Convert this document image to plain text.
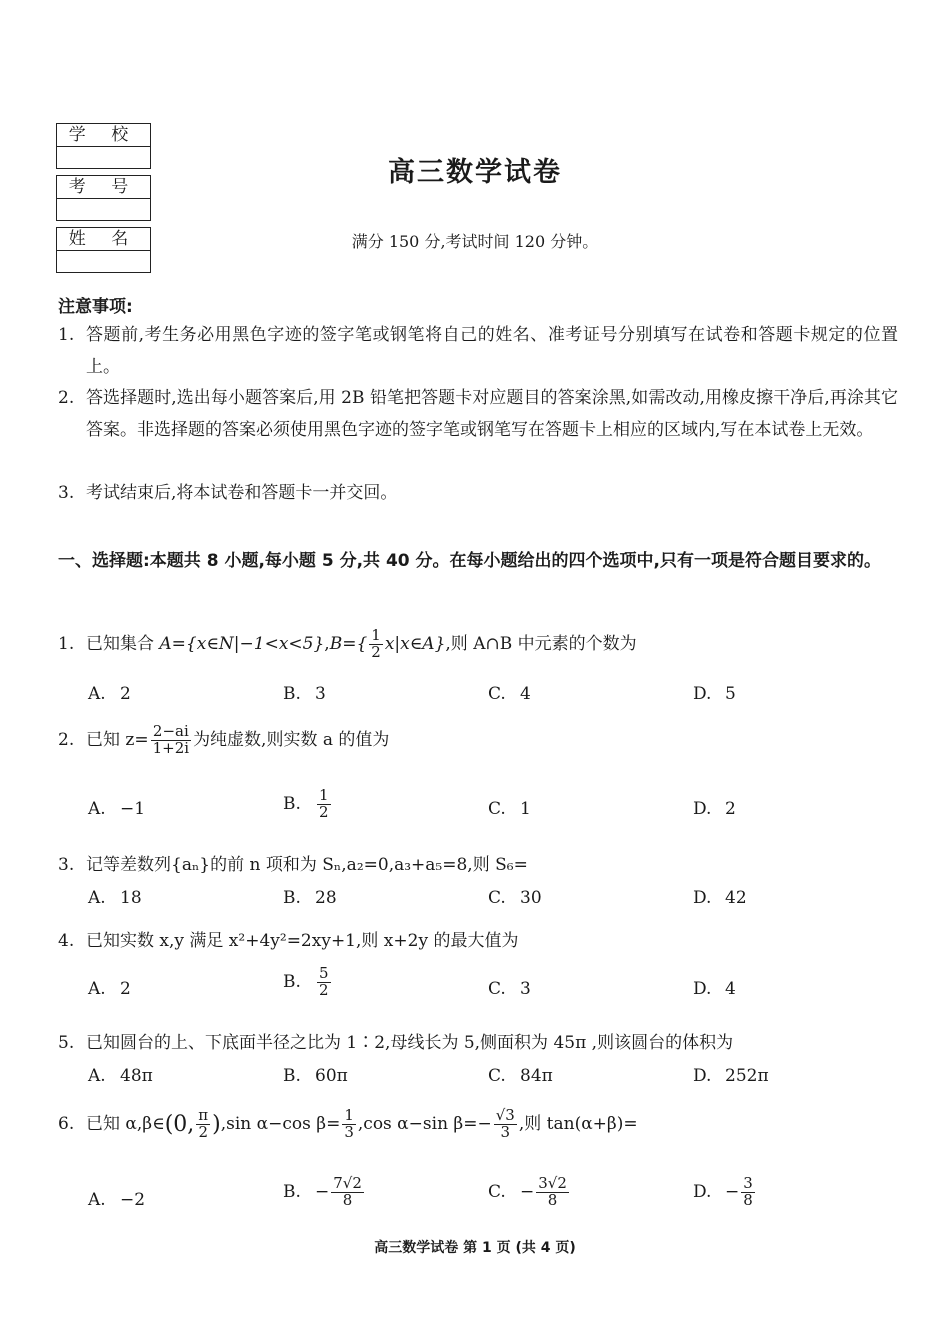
学 校
考 号
姓 名
高三数学试卷
满分 150 分,考试时间 120 分钟。
注意事项:
1. 答题前,考生务必用黑色字迹的签字笔或钢笔将自己的姓名、准考证号分别填写在试卷和答题卡规定的位置上。
2. 答选择题时,选出每小题答案后,用 2B 铅笔把答题卡对应题目的答案涂黑,如需改动,用橡皮擦干净后,再涂其它答案。非选择题的答案必须使用黑色字迹的签字笔或钢笔写在答题卡上相应的区域内,写在本试卷上无效。
3. 考试结束后,将本试卷和答题卡一并交回。
一、选择题:本题共 8 小题,每小题 5 分,共 40 分。在每小题给出的四个选项中,只有一项是符合题目要求的。
1. 已知集合 A={x∈N|−1<x<5},B={ $\frac{1}{2}$ x|x∈A},则 A∩B 中元素的个数为
A. 2	B. 3	C. 4	D. 5
2. 已知 $z= \frac{2-ai}{1+2i}$ 为纯虚数,则实数 a 的值为
A. −1	B. $\frac{1}{2}$	C. 1	D. 2
3. 记等差数列{aₙ}的前 n 项和为 Sₙ,a₂=0,a₃+a₅=8,则 S₆=
A. 18	B. 28	C. 30	D. 42
4. 已知实数 x,y 满足 x²+4y²=2xy+1,则 x+2y 的最大值为
A. 2	B. $\frac{5}{2}$	C. 3	D. 4
5. 已知圆台的上、下底面半径之比为 1∶2,母线长为 5,侧面积为 45π ,则该圆台的体积为
A. 48π	B. 60π	C. 84π	D. 252π
6. 已知 α,β∈(0, $\frac{\pi}{2} ),\sin$ α−cos $\beta= \frac{1}{3} ,\cos$ α−sin $\beta=- \frac{√3}{3}$ ,则 tan(α+β)=
A. −2	B. − $\frac{7√2}{8}$	C. − $\frac{3√2}{8}$	D. − $\frac{3}{8}$
高三数学试卷 第 1 页 (共 4 页)
